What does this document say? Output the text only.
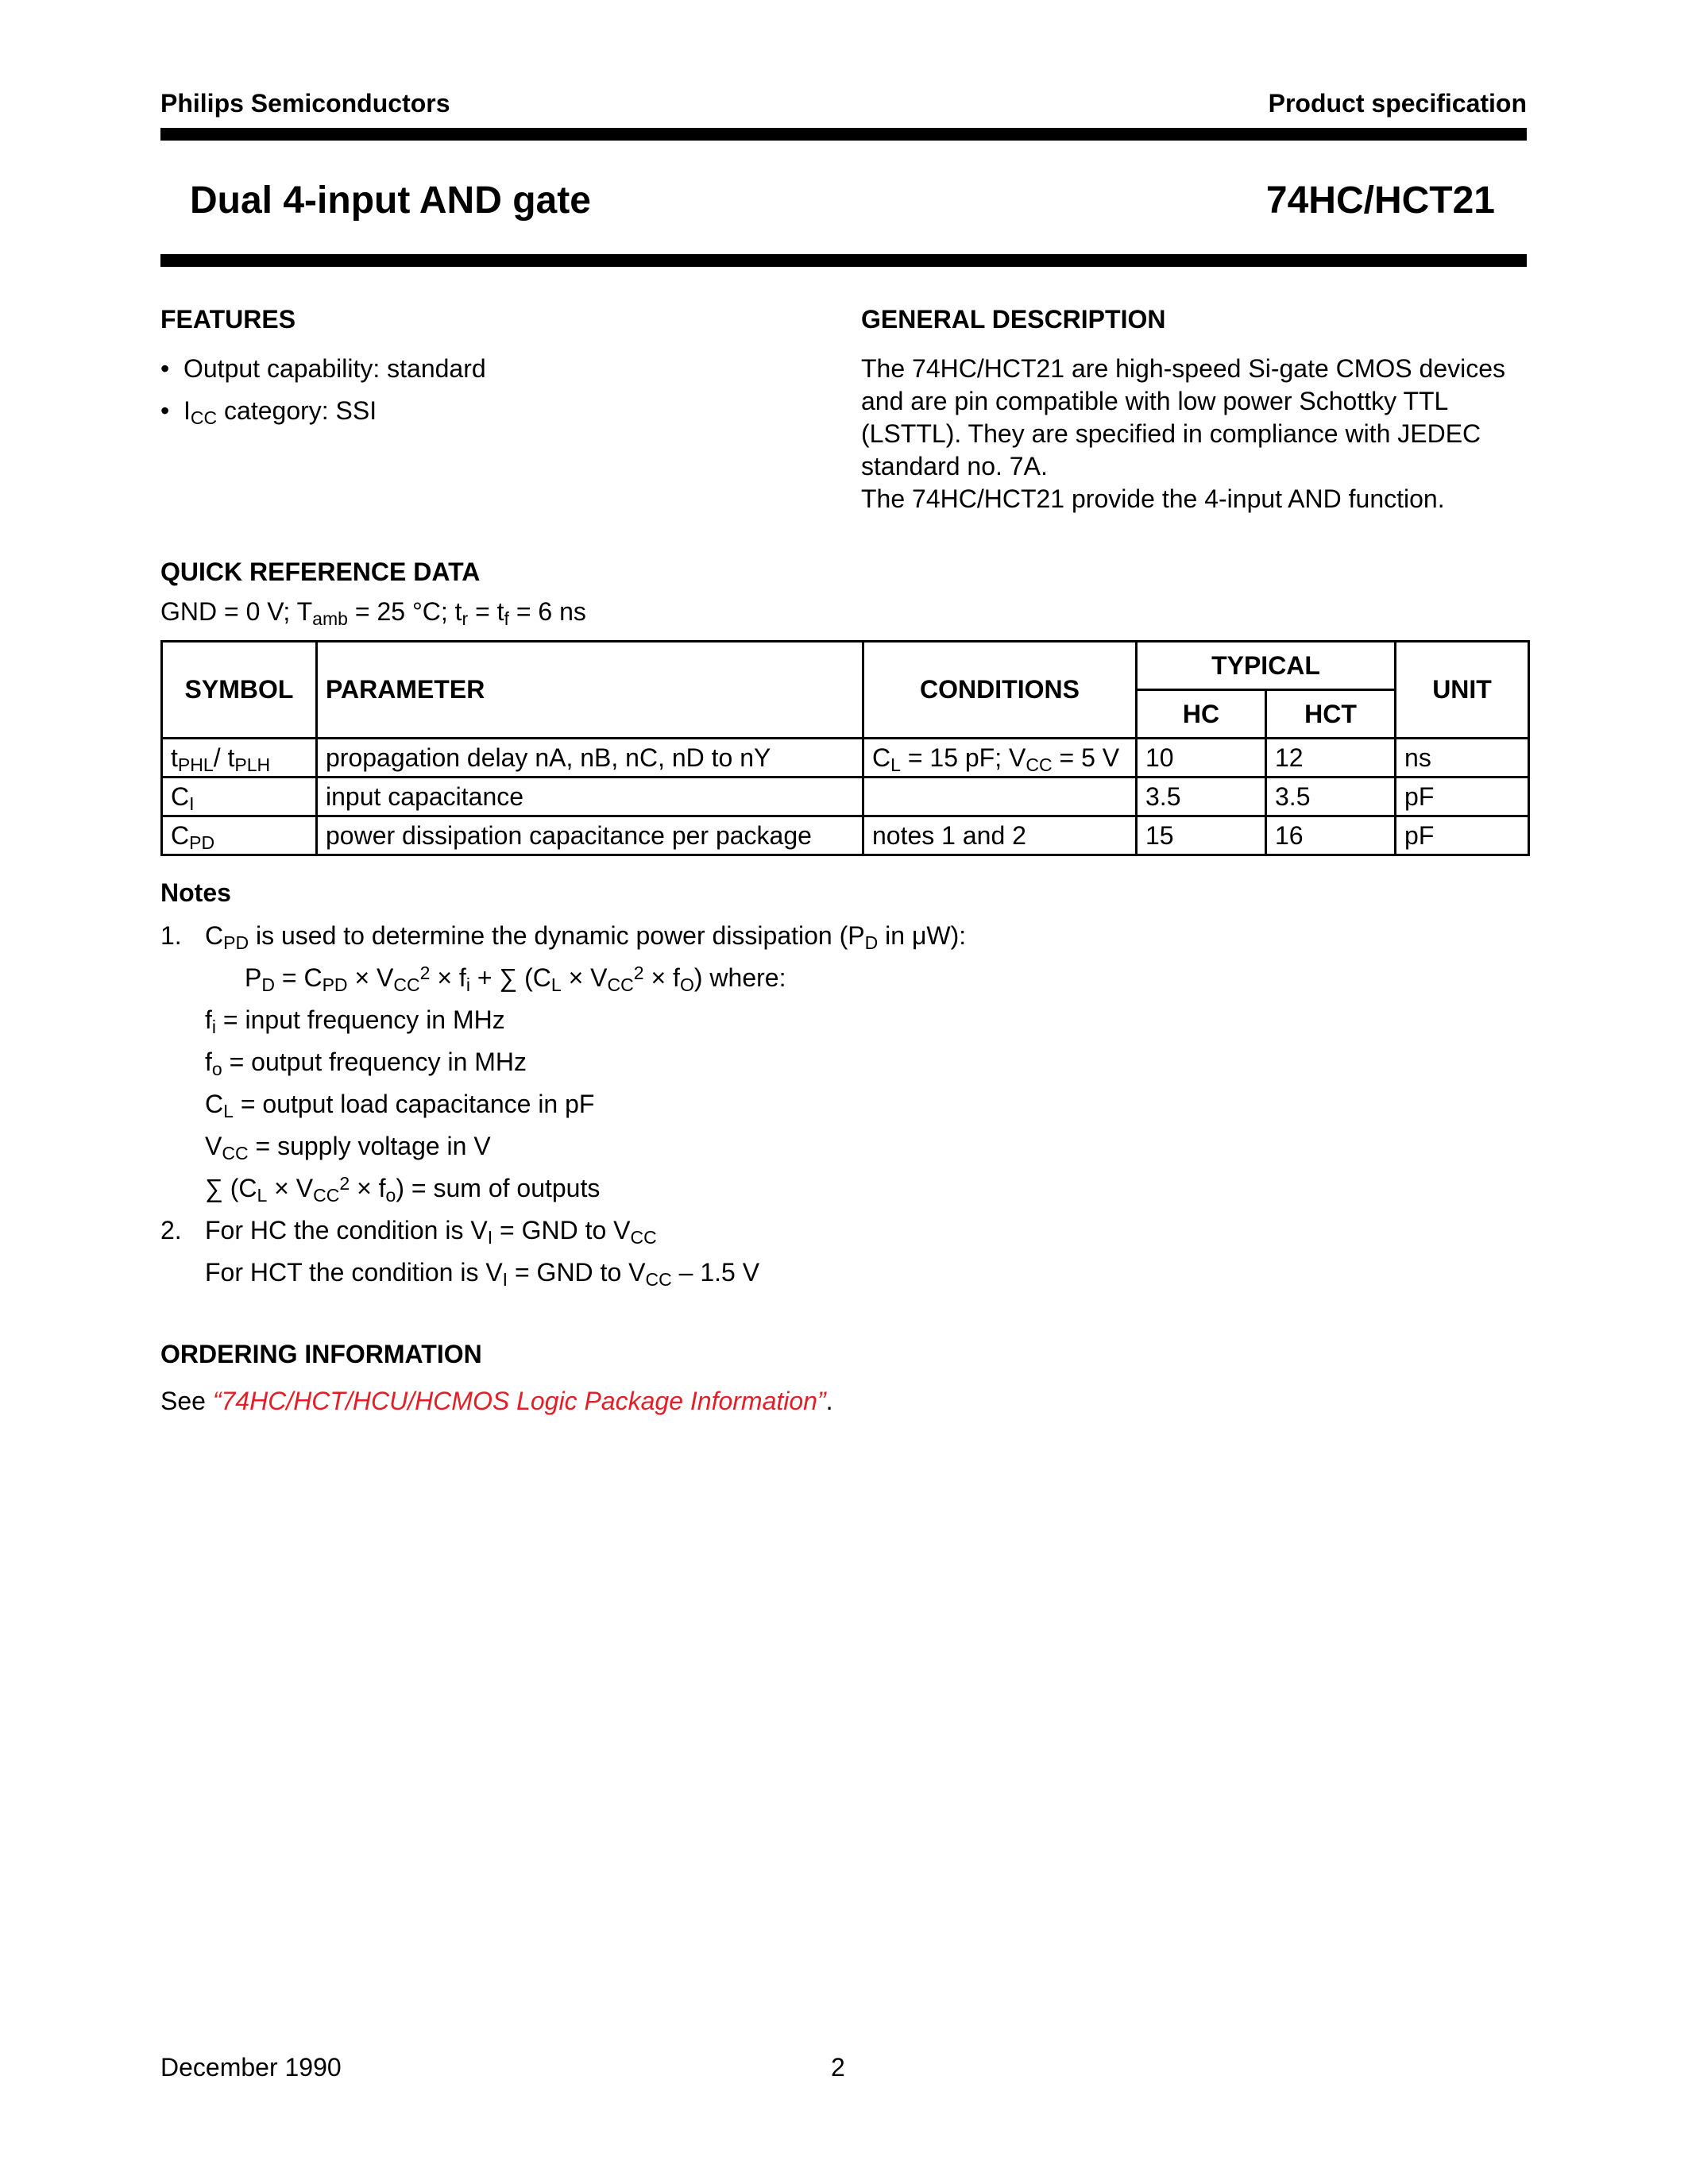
Philips Semiconductors	Product specification
Dual 4-input AND gate	74HC/HCT21
FEATURES
•  Output capability: standard
•  $I_{CC}$ category: SSI
GENERAL DESCRIPTION
The 74HC/HCT21 are high-speed Si-gate CMOS devices
and are pin compatible with low power Schottky TTL
(LSTTL). They are specified in compliance with JEDEC
standard no. 7A.
The 74HC/HCT21 provide the 4-input AND function.
QUICK REFERENCE DATA
GND = 0 V; $T_{amb} = 25$ °C; $t_r = t_f = 6$ ns
SYMBOL	PARAMETER	CONDITIONS	TYPICAL		UNIT
			HC	HCT	
$t_{PHL}/$ $t_{PLH}$	propagation delay nA, nB, nC, nD to nY	$C_L = 15$ pF; $V_{CC} = 5$ V	10	12	ns
$C_I$	input capacitance		3.5	3.5	pF
$C_{PD}$	power dissipation capacitance per package	notes 1 and 2	15	16	pF
Notes
1. $C_{PD}$ is used to determine the dynamic power dissipation ($P_D$ in μW):
$P_D = C_{PD} \times V_{CC}^2 \times f_i$ + ∑ $(C_L \times V_{CC}^2 \times f_O)$ where:
$f_i$ = input frequency in MHz
$f_o$ = output frequency in MHz
$C_L$ = output load capacitance in pF
$V_{CC}$ = supply voltage in V
∑ $(C_L \times V_{CC}^2 \times f_o)$ = sum of outputs
2. For HC the condition is $V_I$ = GND to $V_{CC}$
For HCT the condition is $V_I$ = GND to $V_{CC} - 1.5$ V
ORDERING INFORMATION
See “74HC/HCT/HCU/HCMOS Logic Package Information”.
December 1990	2
